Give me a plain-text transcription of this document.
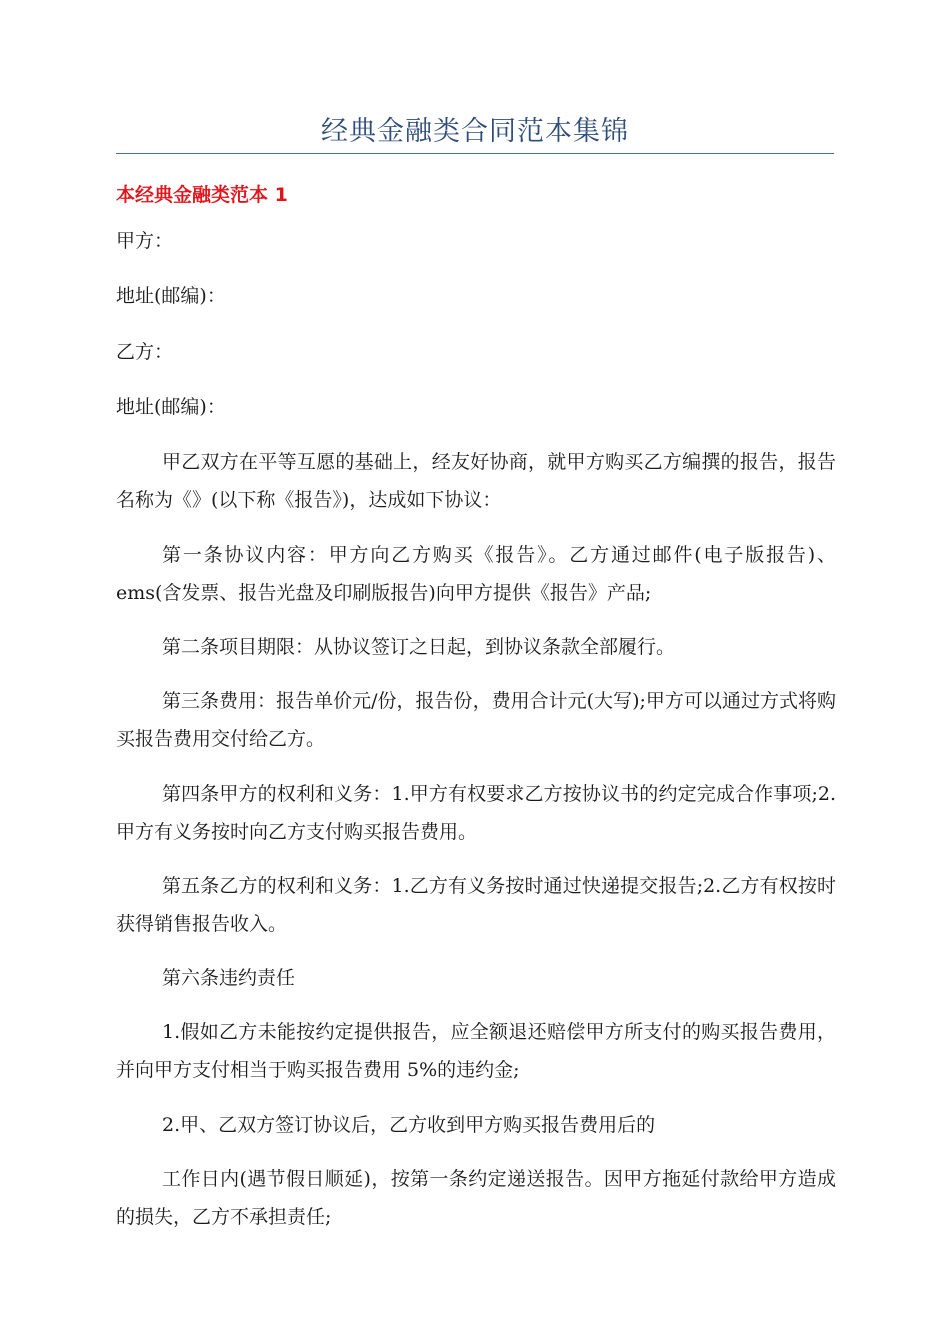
经典金融类合同范本集锦
本经典金融类范本 1
甲方：
地址(邮编)：
乙方：
地址(邮编)：

甲乙双方在平等互愿的基础上，经友好协商，就甲方购买乙方编撰的报告，报告名称为《》(以下称《报告》)，达成如下协议：

第一条协议内容：甲方向乙方购买《报告》。乙方通过邮件(电子版报告)、ems(含发票、报告光盘及印刷版报告)向甲方提供《报告》产品;

第二条项目期限：从协议签订之日起，到协议条款全部履行。

第三条费用：报告单价元/份，报告份，费用合计元(大写);甲方可以通过方式将购买报告费用交付给乙方。

第四条甲方的权利和义务：1.甲方有权要求乙方按协议书的约定完成合作事项;2.甲方有义务按时向乙方支付购买报告费用。

第五条乙方的权利和义务：1.乙方有义务按时通过快递提交报告;2.乙方有权按时获得销售报告收入。

第六条违约责任

1.假如乙方未能按约定提供报告，应全额退还赔偿甲方所支付的购买报告费用，并向甲方支付相当于购买报告费用 5%的违约金;

2.甲、乙双方签订协议后，乙方收到甲方购买报告费用后的

工作日内(遇节假日顺延)，按第一条约定递送报告。因甲方拖延付款给甲方造成的损失，乙方不承担责任;
